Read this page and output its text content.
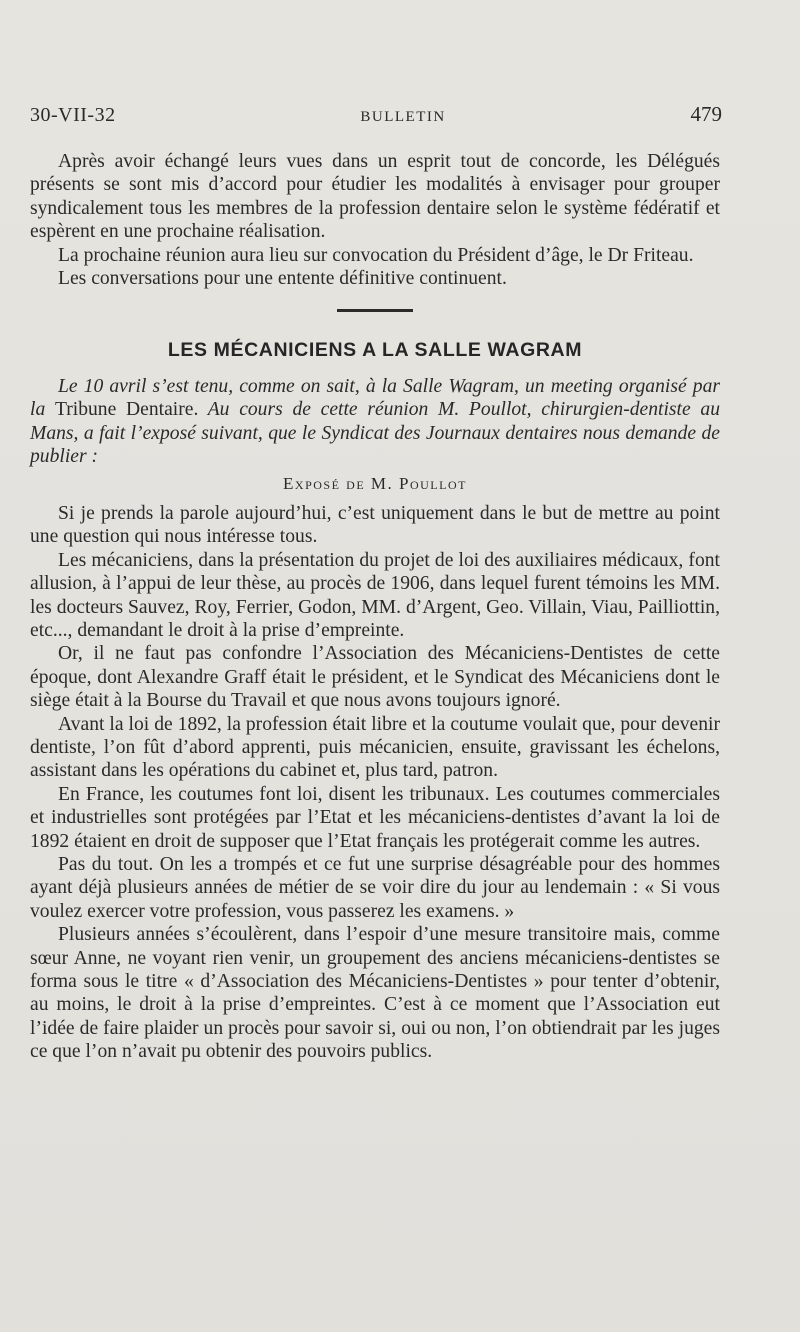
30-VII-32	BULLETIN	479

Après avoir échangé leurs vues dans un esprit tout de concorde, les Délégués présents se sont mis d’accord pour étudier les modalités à envisager pour grouper syndicalement tous les membres de la profession dentaire selon le système fédératif et espèrent en une prochaine réalisation.

La prochaine réunion aura lieu sur convocation du Président d’âge, le Dr Friteau.

Les conversations pour une entente définitive continuent.

LES MÉCANICIENS A LA SALLE WAGRAM

Le 10 avril s’est tenu, comme on sait, à la Salle Wagram, un meeting organisé par la Tribune Dentaire. Au cours de cette réunion M. Poullot, chirurgien-dentiste au Mans, a fait l’exposé suivant, que le Syndicat des Journaux dentaires nous demande de publier :

Exposé de M. Poullot

Si je prends la parole aujourd’hui, c’est uniquement dans le but de mettre au point une question qui nous intéresse tous.

Les mécaniciens, dans la présentation du projet de loi des auxiliaires médicaux, font allusion, à l’appui de leur thèse, au procès de 1906, dans lequel furent témoins les MM. les docteurs Sauvez, Roy, Ferrier, Godon, MM. d’Argent, Geo. Villain, Viau, Pailliottin, etc..., demandant le droit à la prise d’empreinte.

Or, il ne faut pas confondre l’Association des Mécaniciens-Dentistes de cette époque, dont Alexandre Graff était le président, et le Syndicat des Mécaniciens dont le siège était à la Bourse du Travail et que nous avons toujours ignoré.

Avant la loi de 1892, la profession était libre et la coutume voulait que, pour devenir dentiste, l’on fût d’abord apprenti, puis mécanicien, ensuite, gravissant les échelons, assistant dans les opérations du cabinet et, plus tard, patron.

En France, les coutumes font loi, disent les tribunaux. Les coutumes commerciales et industrielles sont protégées par l’Etat et les mécaniciens-dentistes d’avant la loi de 1892 étaient en droit de supposer que l’Etat français les protégerait comme les autres.

Pas du tout. On les a trompés et ce fut une surprise désagréable pour des hommes ayant déjà plusieurs années de métier de se voir dire du jour au lendemain : « Si vous voulez exercer votre profession, vous passerez les examens. »

Plusieurs années s’écoulèrent, dans l’espoir d’une mesure transitoire mais, comme sœur Anne, ne voyant rien venir, un groupement des anciens mécaniciens-dentistes se forma sous le titre « d’Association des Mécaniciens-Dentistes » pour tenter d’obtenir, au moins, le droit à la prise d’empreintes. C’est à ce moment que l’Association eut l’idée de faire plaider un procès pour savoir si, oui ou non, l’on obtiendrait par les juges ce que l’on n’avait pu obtenir des pouvoirs publics.
